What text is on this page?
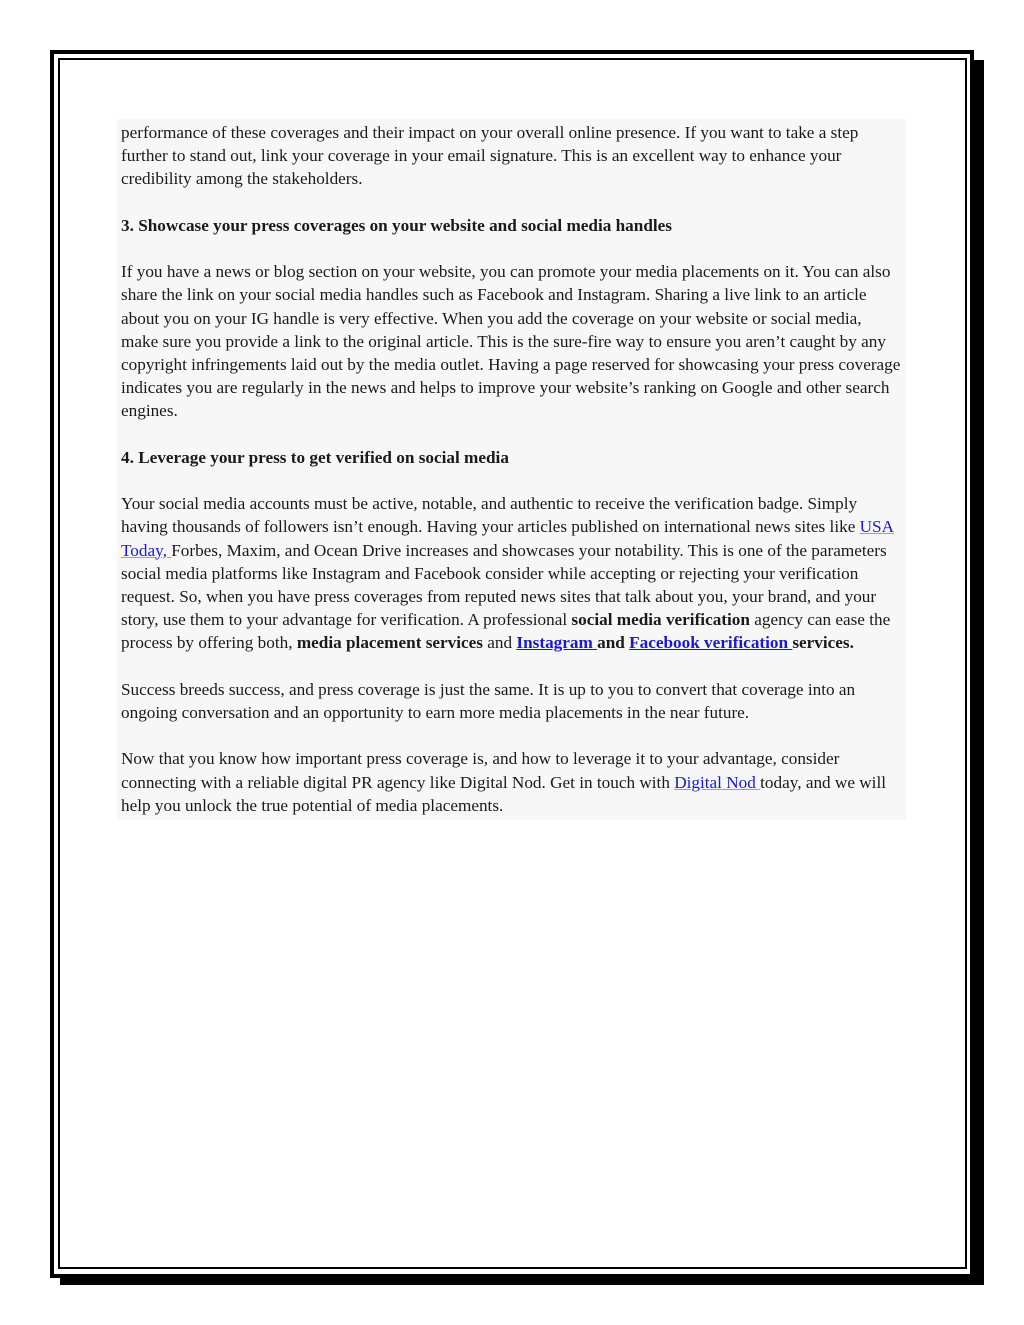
performance of these coverages and their impact on your overall online presence. If you want to take a step further to stand out, link your coverage in your email signature. This is an excellent way to enhance your credibility among the stakeholders.

3. Showcase your press coverages on your website and social media handles

If you have a news or blog section on your website, you can promote your media placements on it. You can also share the link on your social media handles such as Facebook and Instagram. Sharing a live link to an article about you on your IG handle is very effective. When you add the coverage on your website or social media, make sure you provide a link to the original article. This is the sure-fire way to ensure you aren’t caught by any copyright infringements laid out by the media outlet. Having a page reserved for showcasing your press coverage indicates you are regularly in the news and helps to improve your website’s ranking on Google and other search engines.

4. Leverage your press to get verified on social media

Your social media accounts must be active, notable, and authentic to receive the verification badge. Simply having thousands of followers isn’t enough. Having your articles published on international news sites like USA Today, Forbes, Maxim, and Ocean Drive increases and showcases your notability. This is one of the parameters social media platforms like Instagram and Facebook consider while accepting or rejecting your verification request. So, when you have press coverages from reputed news sites that talk about you, your brand, and your story, use them to your advantage for verification. A professional social media verification agency can ease the process by offering both, media placement services and Instagram and Facebook verification services.

Success breeds success, and press coverage is just the same. It is up to you to convert that coverage into an ongoing conversation and an opportunity to earn more media placements in the near future.

Now that you know how important press coverage is, and how to leverage it to your advantage, consider connecting with a reliable digital PR agency like Digital Nod. Get in touch with Digital Nod today, and we will help you unlock the true potential of media placements.
